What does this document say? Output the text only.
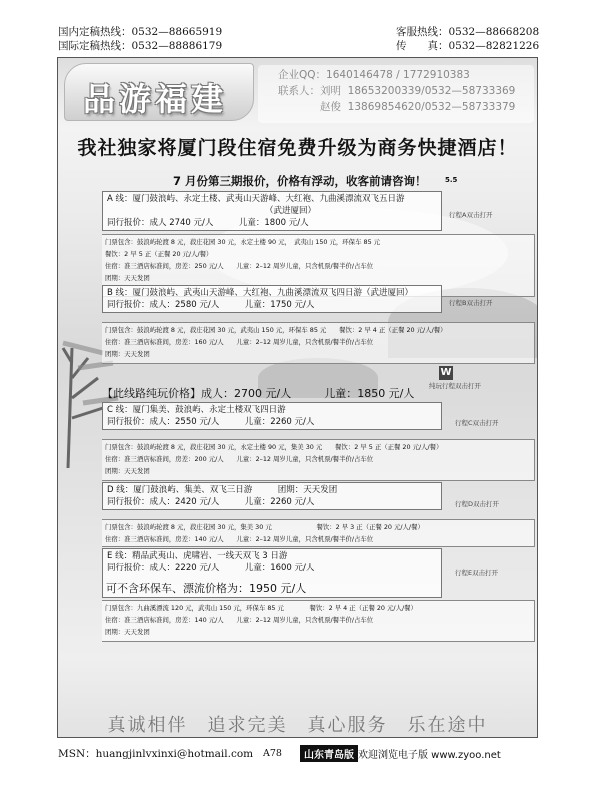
国内定稿热线：0532—88665919
国际定稿热线：0532—88886179
客服热线：0532—88668208
传　　真：0532—82821226
品游福建
企业QQ：1640146478 / 1772910383
联系人：刘明  18653200339/0532—58733369
　　　　赵俊  13869854620/0532—58733379
我社独家将厦门段住宿免费升级为商务快捷酒店！
7 月份第三期报价，价格有浮动，收客前请咨询！	5.5
A 线：厦门鼓浪屿、永定土楼、武夷山天游峰、大红袍、九曲溪漂流双飞五日游
（武进厦回）
同行报价：成人 2740 元/人　　　儿童：1800 元/人
行程A双击打开
门票包含：鼓浪屿轮渡 8 元，菽庄花园 30 元，永定土楼 90 元，　武夷山 150 元，环保车 85 元
餐饮：2 早 5 正（正餐 20 元/人/餐）
住宿：准三酒店标准间，房差：250 元/人　　儿童：2–12 周岁儿童，只含机票/餐半价/占车位
团期：天天发团
B 线：厦门鼓浪屿、武夷山天游峰、大红袍、九曲溪漂流双飞四日游（武进厦回）
同行报价：成人：2580 元/人　　　儿童：1750 元/人	行程B双击打开
门票包含：鼓浪屿轮渡 8 元，菽庄花园 30 元，武夷山 150 元，环保车 85 元　　餐饮：2 早 4 正（正餐 20 元/人/餐）
住宿：准三酒店标准间，房差：160 元/人　　儿童：2–12 周岁儿童，只含机票/餐半价/占车位
团期：天天发团
【此线路纯玩价格】成人：2700 元/人　　　儿童：1850 元/人
W
纯玩行程双击打开
C 线：厦门集美、鼓浪屿、永定土楼双飞四日游
同行报价：成人：2550 元/人　　　儿童：2260 元/人	行程C双击打开
门票包含：鼓浪屿轮渡 8 元，菽庄花园 30 元，永定土楼 90 元，集美 30 元　　餐饮：2 早 5 正（正餐 20 元/人/餐）
住宿：准三酒店标准间，房差：200 元/人　　儿童：2–12 周岁儿童，只含机票/餐半价/占车位
团期：天天发团
D 线：厦门鼓浪屿、集美、双飞三日游　　　团期：天天发团
同行报价：成人：2420 元/人　　　儿童：2260 元/人	行程D双击打开
门票包含：鼓浪屿轮渡 8 元，菽庄花园 30 元，集美 30 元　　　　　　　餐饮：2 早 3 正（正餐 20 元/人/餐）
住宿：准三酒店标准间，房差：140 元/人　　儿童：2–12 周岁儿童，只含机票/餐半价/占车位
E 线：精品武夷山、虎啸岩、一线天双飞 3 日游
同行报价：成人：2220 元/人　　　儿童：1600 元/人
可不含环保车、漂流价格为：1950 元/人
行程E双击打开
门票包含：九曲溪漂流 120 元，武夷山 150 元，环保车 85 元　　　　餐饮：2 早 4 正（正餐 20 元/人/餐）
住宿：准三酒店标准间，房差：140 元/人　　儿童：2–12 周岁儿童，只含机票/餐半价/占车位
团期：天天发团
真诚相伴　追求完美　真心服务　乐在途中
MSN：huangjinlvxinxi@hotmail.com A78	山东青岛版 欢迎浏览电子版 www.zyoo.net
